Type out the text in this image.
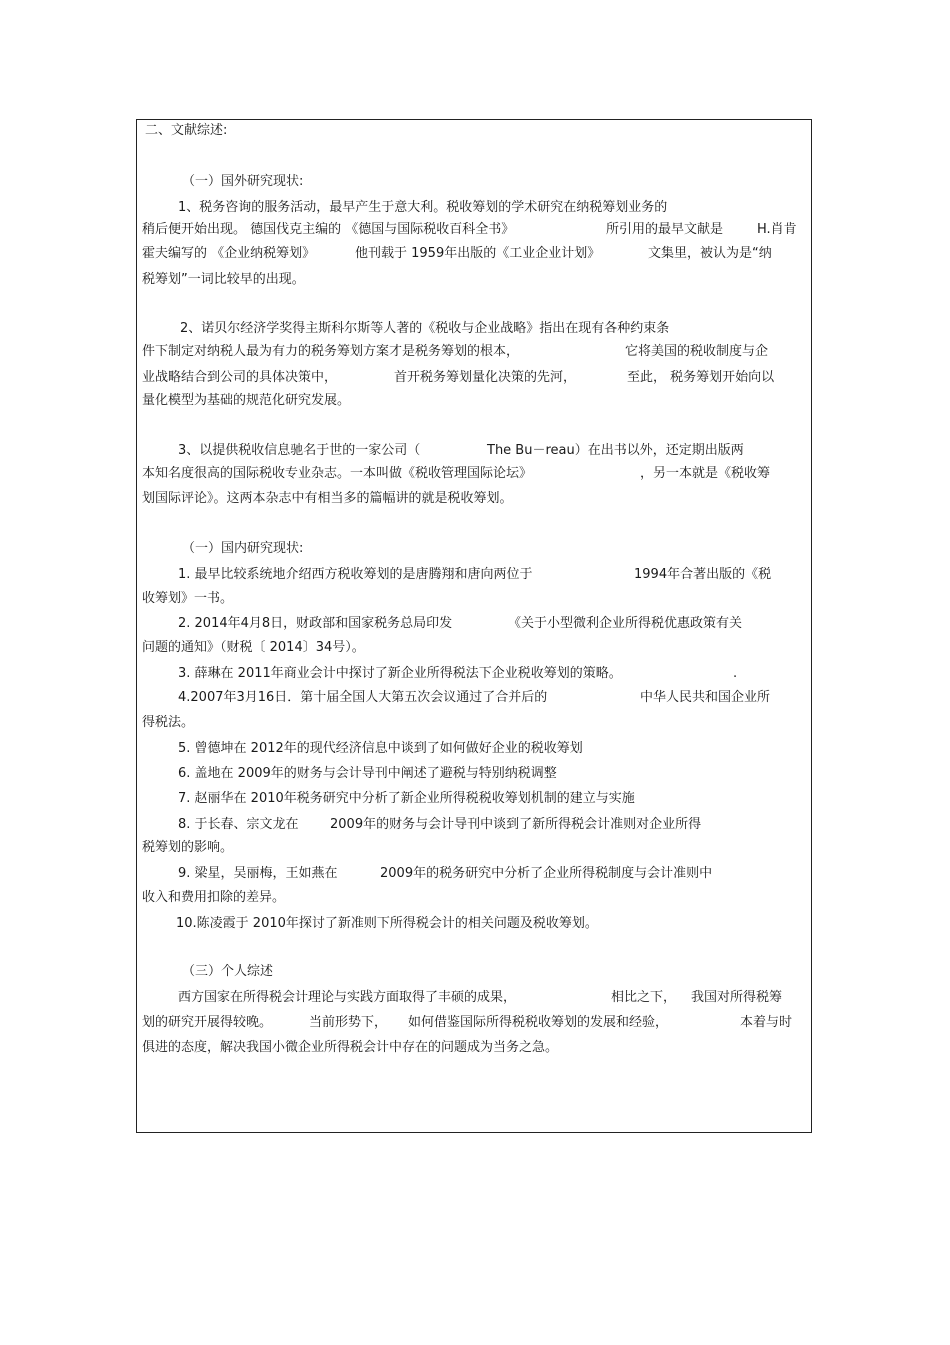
二、文献综述:
（一）国外研究现状:
1、税务咨询的服务活动，最早产生于意大利。税收筹划的学术研究在纳税筹划业务的
稍后便开始出现。 德国伐克主编的 《德国与国际税收百科全书》	所引用的最早文献是	H.肖肯
霍夫编写的 《企业纳税筹划》	他刊载于 1959年出版的《工业企业计划》	文集里，被认为是“纳
税筹划”一词比较早的出现。
2、诺贝尔经济学奖得主斯科尔斯等人著的《税收与企业战略》指出在现有各种约束条
件下制定对纳税人最为有力的税务筹划方案才是税务筹划的根本，	它将美国的税收制度与企
业战略结合到公司的具体决策中，	首开税务筹划量化决策的先河，	至此， 税务筹划开始向以
量化模型为基础的规范化研究发展。
3、以提供税收信息驰名于世的一家公司（	The Bu－reau）在出书以外，还定期出版两
本知名度很高的国际税收专业杂志。一本叫做《税收管理国际论坛》	，另一本就是《税收筹
划国际评论》。这两本杂志中有相当多的篇幅讲的就是税收筹划。
（一）国内研究现状:
1. 最早比较系统地介绍西方税收筹划的是唐腾翔和唐向两位于	1994年合著出版的《税
收筹划》一书。
2. 2014年4月8日，财政部和国家税务总局印发	《关于小型微利企业所得税优惠政策有关
问题的通知》（财税〔 2014〕34号）。
3. 薛琳在 2011年商业会计中探讨了新企业所得税法下企业税收筹划的策略。	.
4.2007年3月16日．第十届全国人大第五次会议通过了合并后的	中华人民共和国企业所
得税法。
5. 曾德坤在 2012年的现代经济信息中谈到了如何做好企业的税收筹划
6. 盖地在 2009年的财务与会计导刊中阐述了避税与特别纳税调整
7. 赵丽华在 2010年税务研究中分析了新企业所得税税收筹划机制的建立与实施
8. 于长春、宗文龙在 2009年的财务与会计导刊中谈到了新所得税会计准则对企业所得
税筹划的影响。
9. 梁星，吴丽梅，王如燕在	2009年的税务研究中分析了企业所得税制度与会计准则中
收入和费用扣除的差异。
10.陈凌霞于 2010年探讨了新准则下所得税会计的相关问题及税收筹划。
（三）个人综述
西方国家在所得税会计理论与实践方面取得了丰硕的成果，	相比之下， 我国对所得税筹
划的研究开展得较晚。	当前形势下， 如何借鉴国际所得税税收筹划的发展和经验，	本着与时
俱进的态度，解决我国小微企业所得税会计中存在的问题成为当务之急。
